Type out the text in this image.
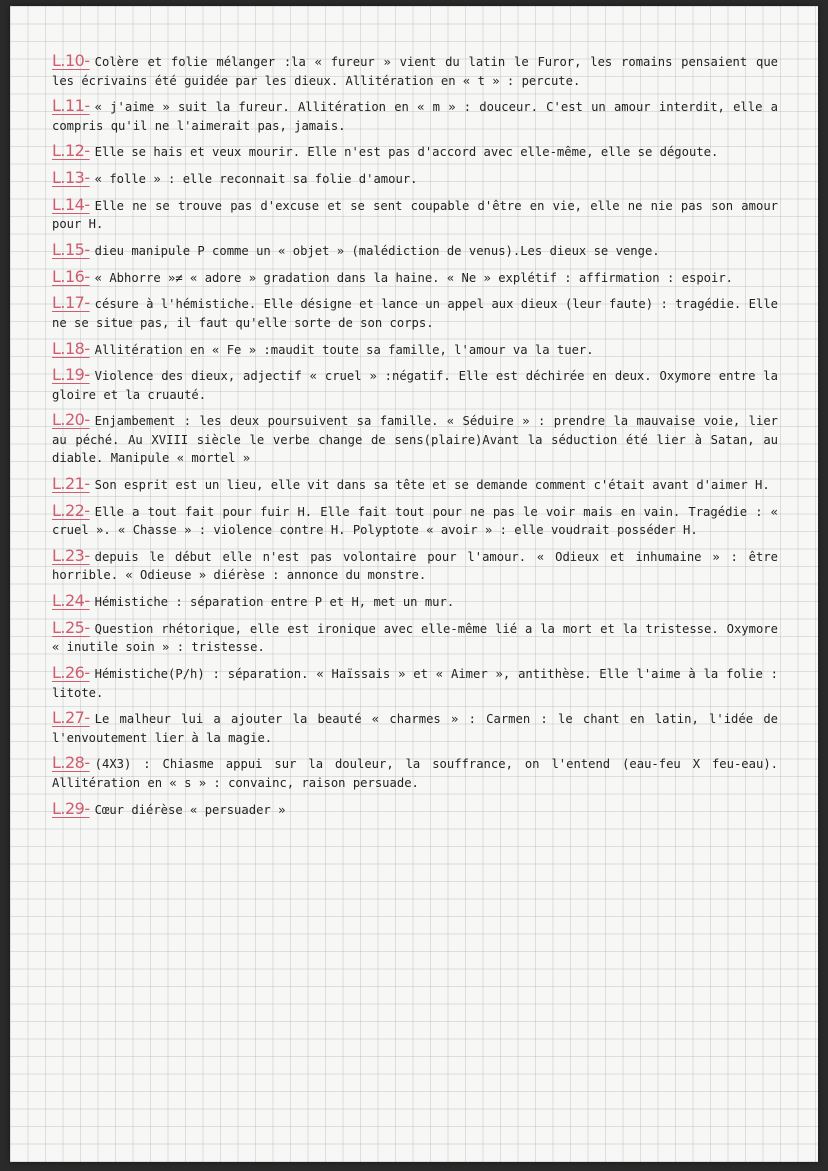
L.10- Colère et folie mélanger :la « fureur » vient du latin le Furor, les romains pensaient que les écrivains été guidée par les dieux. Allitération en « t » : percute.
L.11- « j'aime » suit la fureur. Allitération en « m » : douceur. C'est un amour interdit, elle a compris qu'il ne l'aimerait pas, jamais.
L.12- Elle se hais et veux mourir. Elle n'est pas d'accord avec elle-même, elle se dégoute.
L.13- « folle » : elle reconnait sa folie d'amour.
L.14- Elle ne se trouve pas d'excuse et se sent coupable d'être en vie, elle ne nie pas son amour pour H.
L.15- dieu manipule P comme un « objet » (malédiction de venus).Les dieux se venge.
L.16- « Abhorre »≠ « adore » gradation dans la haine. « Ne » explétif : affirmation : espoir.
L.17- césure à l'hémistiche. Elle désigne et lance un appel aux dieux (leur faute) : tragédie. Elle ne se situe pas, il faut qu'elle sorte de son corps.
L.18- Allitération en « Fe » :maudit toute sa famille, l'amour va la tuer.
L.19- Violence des dieux, adjectif « cruel » :négatif. Elle est déchirée en deux. Oxymore entre la gloire et la cruauté.
L.20- Enjambement : les deux poursuivent sa famille. « Séduire » : prendre la mauvaise voie, lier au péché. Au XVIII siècle le verbe change de sens(plaire)Avant la séduction été lier à Satan, au diable. Manipule « mortel »
L.21- Son esprit est un lieu, elle vit dans sa tête et se demande comment c'était avant d'aimer H.
L.22- Elle a tout fait pour fuir H. Elle fait tout pour ne pas le voir mais en vain. Tragédie : « cruel ». « Chasse » : violence contre H. Polyptote « avoir » : elle voudrait posséder H.
L.23- depuis le début elle n'est pas volontaire pour l'amour. « Odieux et inhumaine » : être horrible. « Odieuse » diérèse : annonce du monstre.
L.24- Hémistiche : séparation entre P et H, met un mur.
L.25- Question rhétorique, elle est ironique avec elle-même lié a la mort et la tristesse. Oxymore « inutile soin » : tristesse.
L.26- Hémistiche(P/h) : séparation. « Haïssais » et « Aimer », antithèse. Elle l'aime à la folie : litote.
L.27- Le malheur lui a ajouter la beauté « charmes » : Carmen : le chant en latin, l'idée de l'envoutement lier à la magie.
L.28- (4X3) : Chiasme appui sur la douleur, la souffrance, on l'entend (eau-feu X feu-eau). Allitération en « s » : convainc, raison persuade.
L.29- Cœur diérèse « persuader »
